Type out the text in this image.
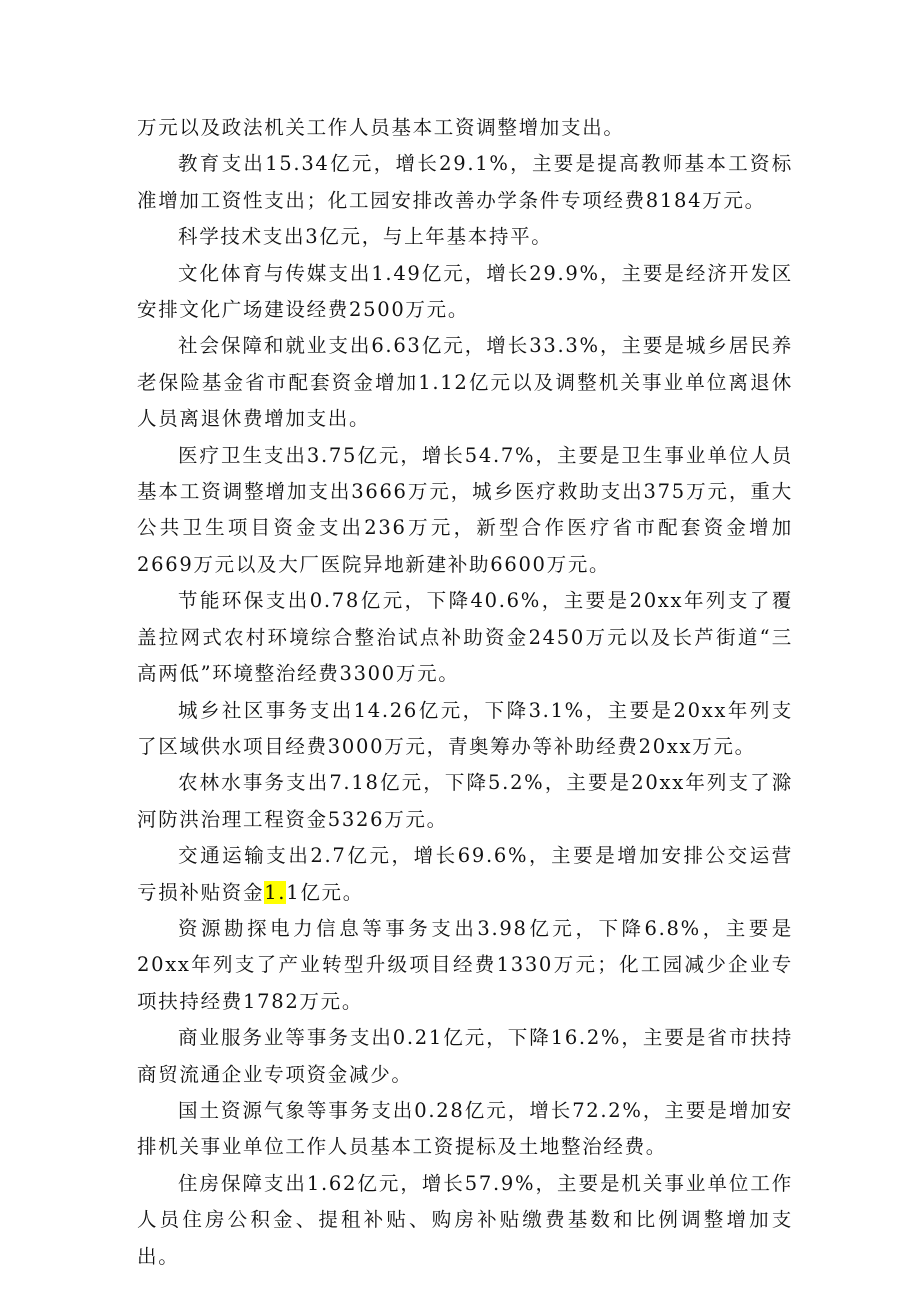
万元以及政法机关工作人员基本工资调整增加支出。

教育支出15.34亿元，增长29.1%，主要是提高教师基本工资标准增加工资性支出；化工园安排改善办学条件专项经费8184万元。

科学技术支出3亿元，与上年基本持平。

文化体育与传媒支出1.49亿元，增长29.9%，主要是经济开发区安排文化广场建设经费2500万元。

社会保障和就业支出6.63亿元，增长33.3%，主要是城乡居民养老保险基金省市配套资金增加1.12亿元以及调整机关事业单位离退休人员离退休费增加支出。

医疗卫生支出3.75亿元，增长54.7%，主要是卫生事业单位人员基本工资调整增加支出3666万元，城乡医疗救助支出375万元，重大公共卫生项目资金支出236万元，新型合作医疗省市配套资金增加2669万元以及大厂医院异地新建补助6600万元。

节能环保支出0.78亿元，下降40.6%，主要是20xx年列支了覆盖拉网式农村环境综合整治试点补助资金2450万元以及长芦街道“三高两低”环境整治经费3300万元。

城乡社区事务支出14.26亿元，下降3.1%，主要是20xx年列支了区域供水项目经费3000万元，青奥筹办等补助经费20xx万元。

农林水事务支出7.18亿元，下降5.2%，主要是20xx年列支了滁河防洪治理工程资金5326万元。

交通运输支出2.7亿元，增长69.6%，主要是增加安排公交运营亏损补贴资金1.1亿元。

资源勘探电力信息等事务支出3.98亿元，下降6.8%，主要是20xx年列支了产业转型升级项目经费1330万元；化工园减少企业专项扶持经费1782万元。

商业服务业等事务支出0.21亿元，下降16.2%，主要是省市扶持商贸流通企业专项资金减少。

国土资源气象等事务支出0.28亿元，增长72.2%，主要是增加安排机关事业单位工作人员基本工资提标及土地整治经费。

住房保障支出1.62亿元，增长57.9%，主要是机关事业单位工作人员住房公积金、提租补贴、购房补贴缴费基数和比例调整增加支出。
